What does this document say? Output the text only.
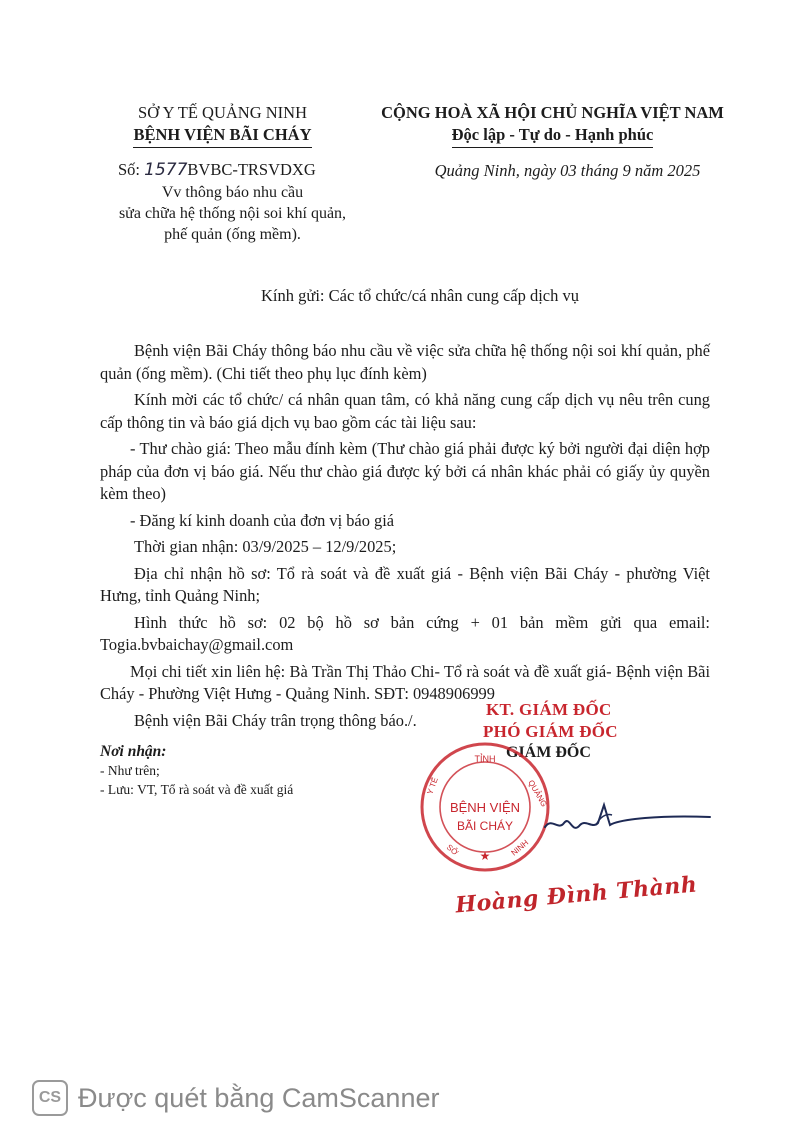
SỞ Y TẾ QUẢNG NINH
BỆNH VIỆN BÃI CHÁY
CỘNG HOÀ XÃ HỘI CHỦ NGHĨA VIỆT NAM
Độc lập - Tự do - Hạnh phúc
Số: 1577BVBC-TRSVDXG
Vv thông báo nhu cầu
sửa chữa hệ thống nội soi khí quản,
phế quản (ống mềm).
Quảng Ninh, ngày 03 tháng 9 năm 2025
Kính gửi: Các tổ chức/cá nhân cung cấp dịch vụ

Bệnh viện Bãi Cháy thông báo nhu cầu về việc sửa chữa hệ thống nội soi khí quản, phế quản (ống mềm). (Chi tiết theo phụ lục đính kèm)

Kính mời các tổ chức/ cá nhân quan tâm, có khả năng cung cấp dịch vụ nêu trên cung cấp thông tin và báo giá dịch vụ bao gồm các tài liệu sau:

- Thư chào giá: Theo mẫu đính kèm (Thư chào giá phải được ký bởi người đại diện hợp pháp của đơn vị báo giá. Nếu thư chào giá được ký bởi cá nhân khác phải có giấy ủy quyền kèm theo)

- Đăng kí kinh doanh của đơn vị báo giá

Thời gian nhận: 03/9/2025 – 12/9/2025;

Địa chỉ nhận hồ sơ: Tổ rà soát và đề xuất giá - Bệnh viện Bãi Cháy - phường Việt Hưng, tỉnh Quảng Ninh;

Hình thức hồ sơ: 02 bộ hồ sơ bản cứng + 01 bản mềm gửi qua email: Togia.bvbaichay@gmail.com

Mọi chi tiết xin liên hệ: Bà Trần Thị Thảo Chi- Tổ rà soát và đề xuất giá- Bệnh viện Bãi Cháy - Phường Việt Hưng - Quảng Ninh. SĐT: 0948906999

Bệnh viện Bãi Cháy trân trọng thông báo./.

Nơi nhận:
- Như trên;
- Lưu: VT, Tổ rà soát và đề xuất giá
KT. GIÁM ĐỐC
PHÓ GIÁM ĐỐC
GIÁM ĐỐC
TỈNH
Y TẾ	QUẢNG
SỞ	NINH
BỆNH VIỆN
BÃI CHÁY
★
Hoàng Đình Thành
CS Được quét bằng CamScanner
